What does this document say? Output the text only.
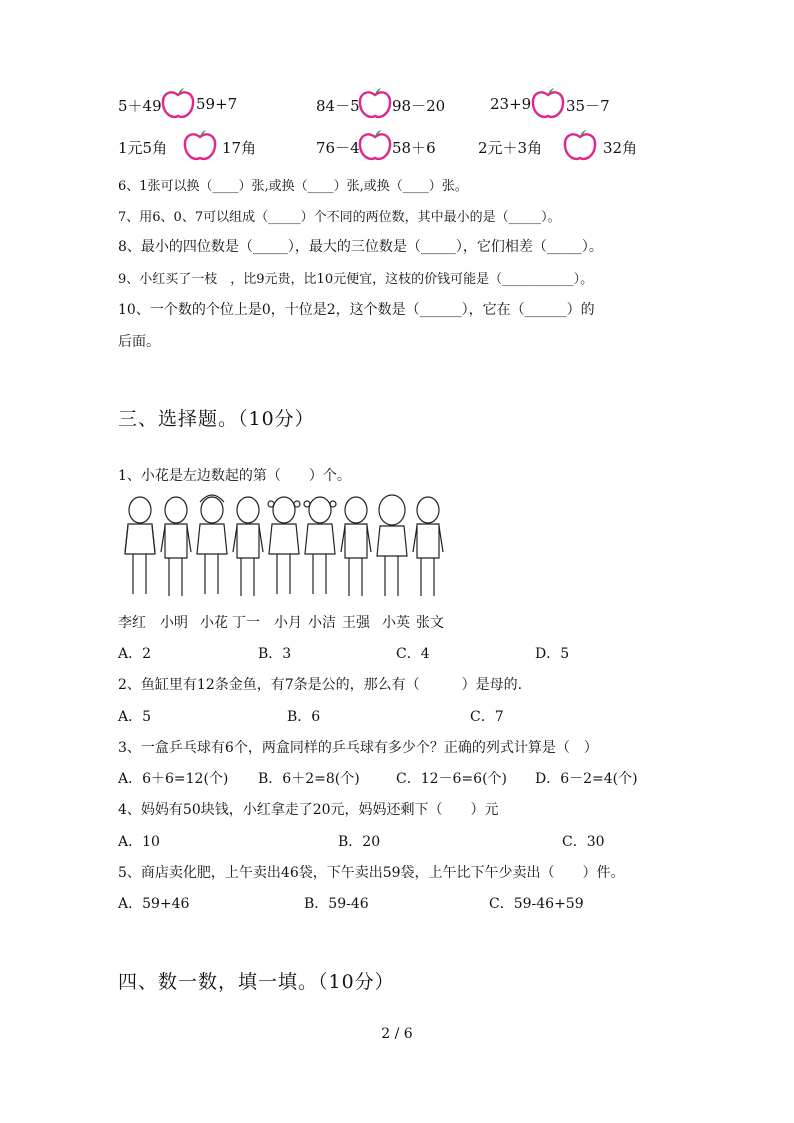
5＋49 59+7	84－5 98－20	23+9 35－7
1元5角	17角	76－4 58＋6	2元＋3角	32角
6、1张可以换（____）张,或换（____）张,或换（____）张。
7、用6、0、7可以组成（_____）个不同的两位数，其中最小的是（_____）。
8、最小的四位数是（_____），最大的三位数是（_____），它们相差（_____）。
9、小红买了一枝　，比9元贵，比10元便宜，这枝的价钱可能是（___________）。
10、一个数的个位上是0，十位是2，这个数是（______），它在（______）的
后面。
三、选择题。（10分）
1、小花是左边数起的第（　　）个。
李红 小明 小花 丁一 小月 小洁 王强 小英 张文
A．2	B．3	C．4	D．5
2、鱼缸里有12条金鱼，有7条是公的，那么有（　　　）是母的.
A．5	B．6	C．7
3、一盒乒乓球有6个，两盒同样的乒乓球有多少个？正确的列式计算是（　）
A．6＋6=12(个) B．6＋2=8(个)	C．12－6=6(个) D．6－2=4(个)
4、妈妈有50块钱，小红拿走了20元，妈妈还剩下（　　）元
A．10	B．20	C．30
5、商店卖化肥，上午卖出46袋，下午卖出59袋，上午比下午少卖出（　　）件。
A．59+46	B．59-46	C．59-46+59
四、数一数，填一填。（10分）
2 / 6
